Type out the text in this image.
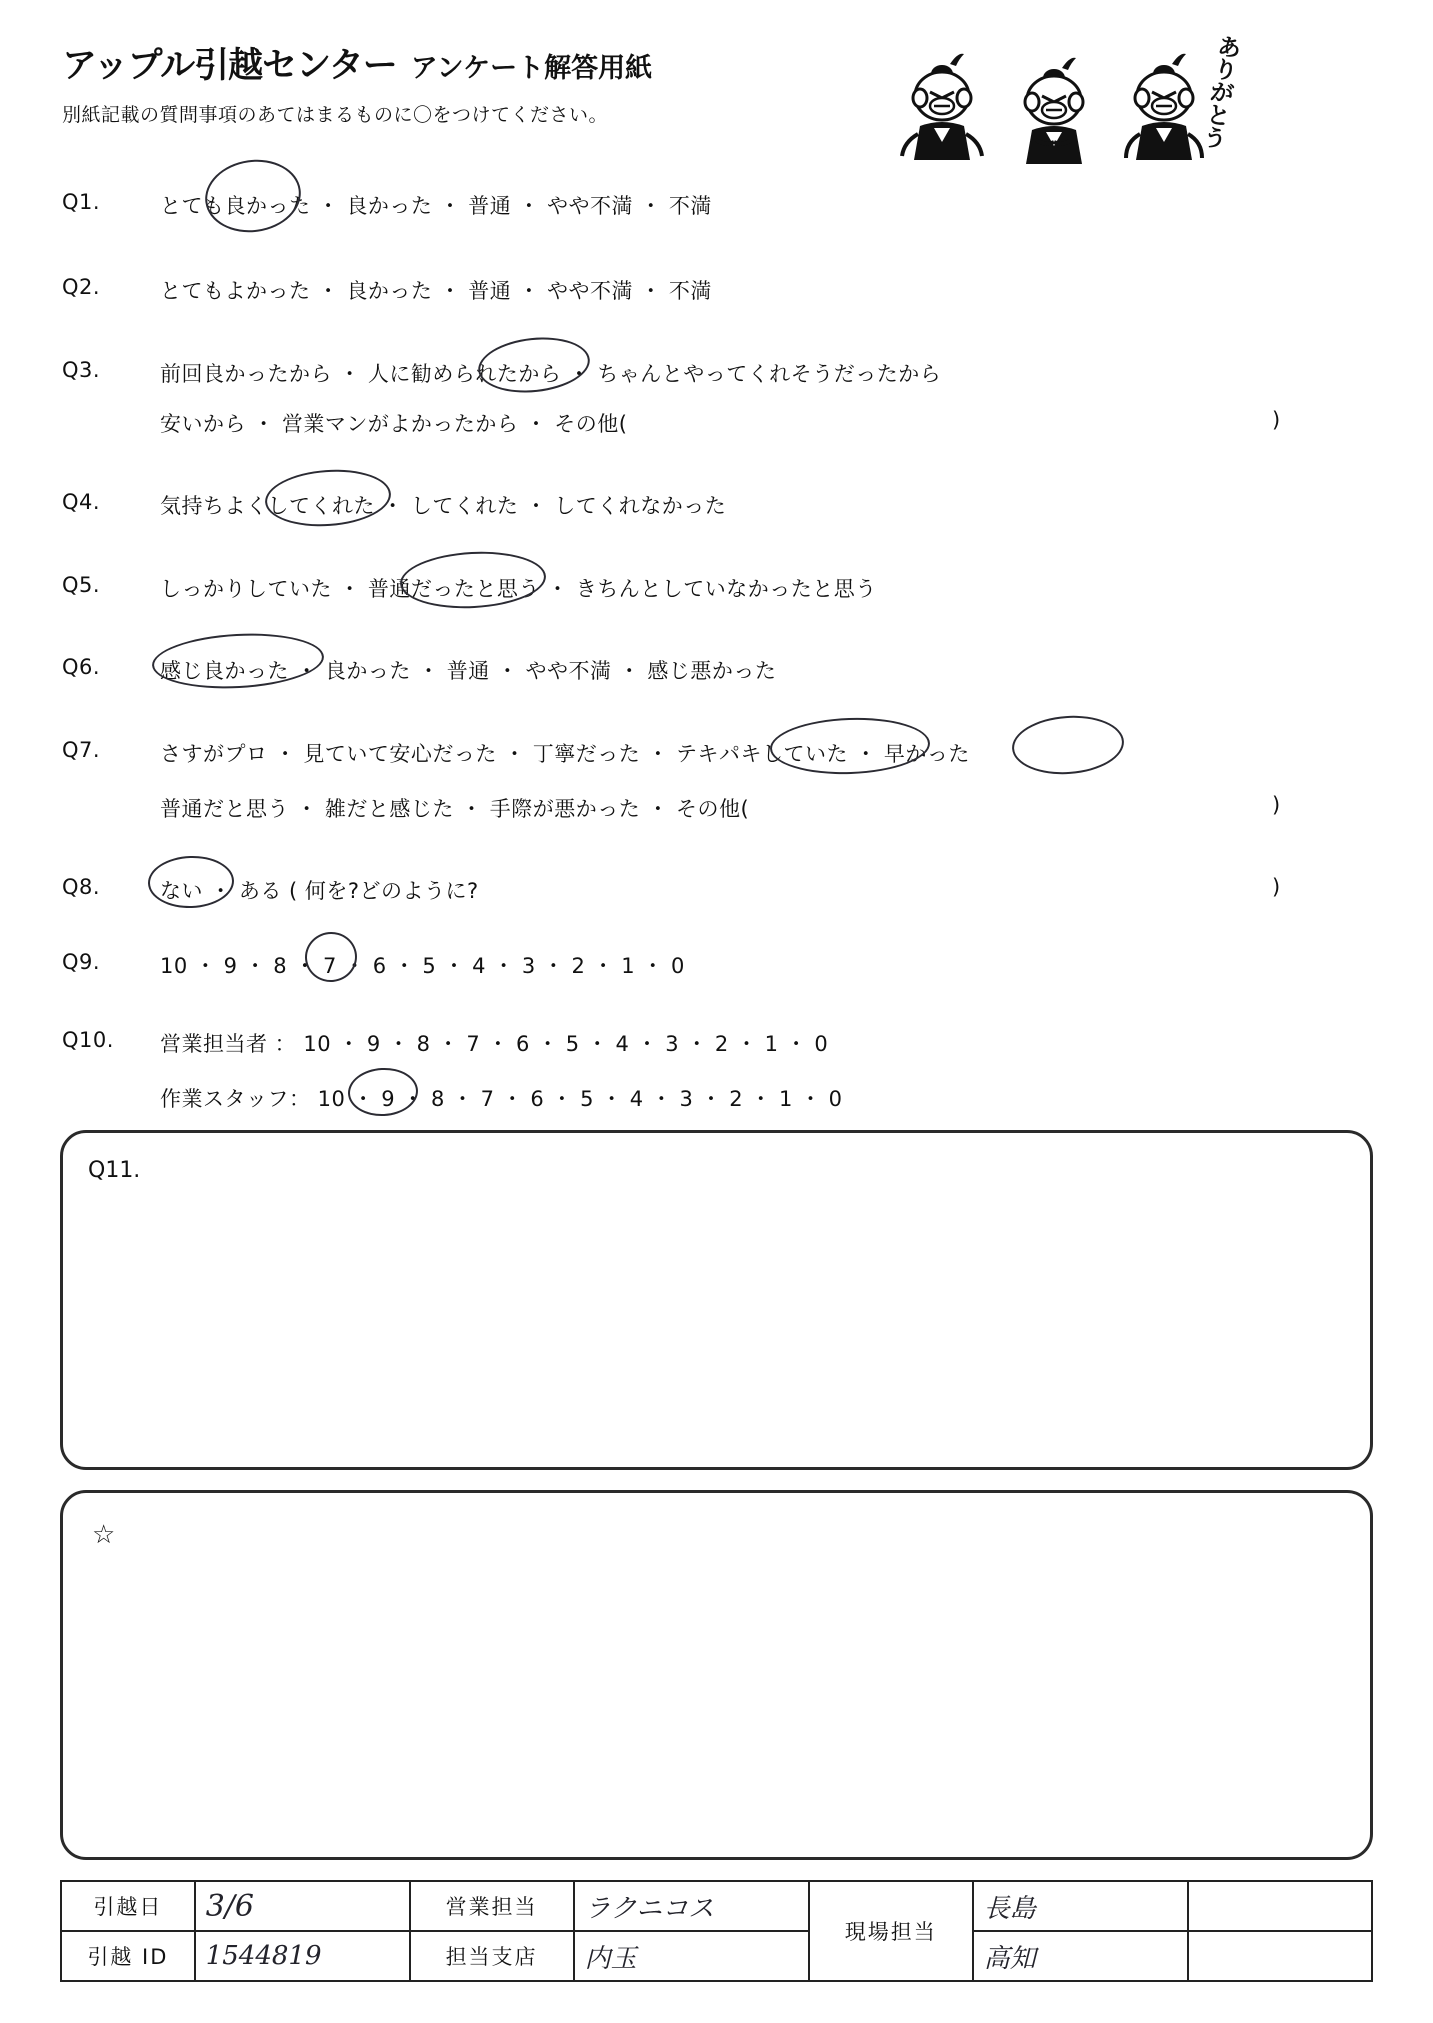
アップル引越センター アンケート解答用紙
別紙記載の質問事項のあてはまるものに〇をつけてください。
あ
り
が
と
う
Q1.	とても良かった ・ 良かった ・ 普通 ・ やや不満 ・ 不満
Q2.	とてもよかった ・ 良かった ・ 普通 ・ やや不満 ・ 不満
Q3.	前回良かったから ・ 人に勧められたから ・ ちゃんとやってくれそうだったから
安いから ・ 営業マンがよかったから ・ その他(	)
Q4.	気持ちよくしてくれた ・ してくれた ・ してくれなかった
Q5.	しっかりしていた ・ 普通だったと思う ・ きちんとしていなかったと思う
Q6.	感じ良かった ・ 良かった ・ 普通 ・ やや不満 ・ 感じ悪かった
Q7.	さすがプロ ・ 見ていて安心だった ・ 丁寧だった ・ テキパキしていた ・ 早かった
普通だと思う ・ 雑だと感じた ・ 手際が悪かった ・ その他(	)
Q8.	ない ・ ある ( 何を?どのように?	)
Q9.	10 ・ 9 ・ 8 ・ 7 ・ 6 ・ 5 ・ 4 ・ 3 ・ 2 ・ 1 ・ 0
Q10. 営業担当者 ： 10 ・ 9 ・ 8 ・ 7 ・ 6 ・ 5 ・ 4 ・ 3 ・ 2 ・ 1 ・ 0
作業スタッフ： 10 ・ 9 ・ 8 ・ 7 ・ 6 ・ 5 ・ 4 ・ 3 ・ 2 ・ 1 ・ 0
Q11.
☆
引越日	3/6	営業担当	ラクニコス	現場担当	長島	
引越 ID	1544819	担当支店	内玉		高知	
